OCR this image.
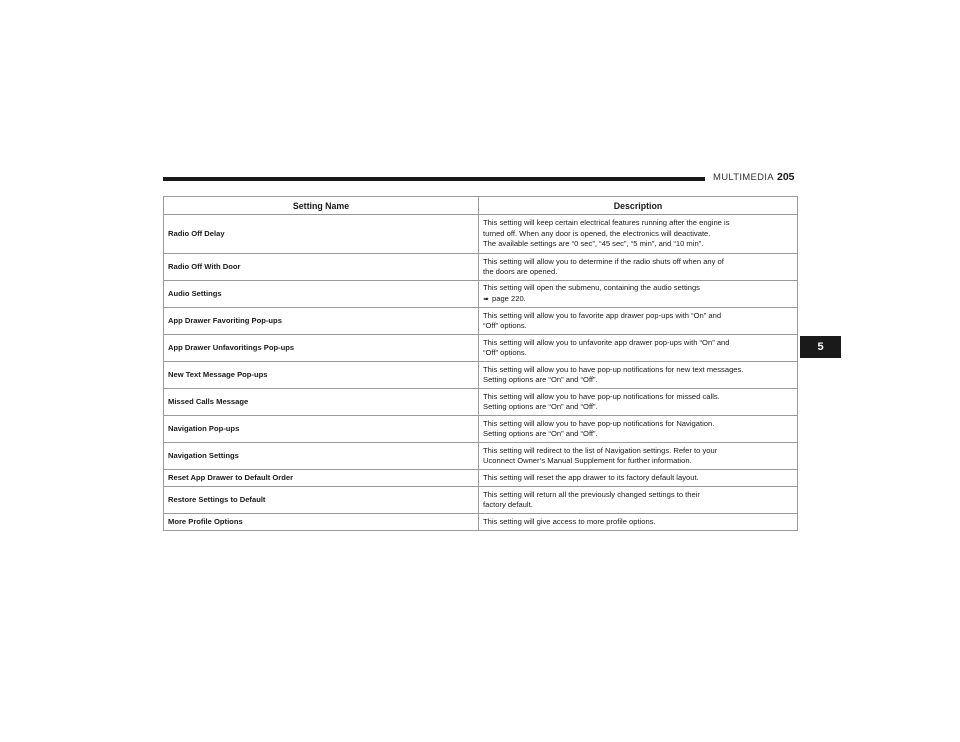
MULTIMEDIA 205
5
Setting Name	Description
Radio Off Delay	This setting will keep certain electrical features running after the engine is
turned off. When any door is opened, the electronics will deactivate.
The available settings are “0 sec”, “45 sec”, “5 min”, and “10 min”.

Radio Off With Door	This setting will allow you to determine if the radio shuts off when any of
the doors are opened.

Audio Settings	This setting will open the submenu, containing the audio settings
➠ page 220.

App Drawer Favoriting Pop-ups	This setting will allow you to favorite app drawer pop-ups with “On” and
“Off” options.

App Drawer Unfavoritings Pop-ups	This setting will allow you to unfavorite app drawer pop-ups with “On” and
“Off” options.

New Text Message Pop-ups	This setting will allow you to have pop-up notifications for new text messages.
Setting options are “On” and “Off”.

Missed Calls Message	This setting will allow you to have pop-up notifications for missed calls.
Setting options are “On” and “Off”.

Navigation Pop-ups	This setting will allow you to have pop-up notifications for Navigation.
Setting options are “On” and “Off”.

Navigation Settings	This setting will redirect to the list of Navigation settings. Refer to your
Uconnect Owner’s Manual Supplement for further information.

Reset App Drawer to Default Order	This setting will reset the app drawer to its factory default layout.

Restore Settings to Default	This setting will return all the previously changed settings to their
factory default.

More Profile Options	This setting will give access to more profile options.
